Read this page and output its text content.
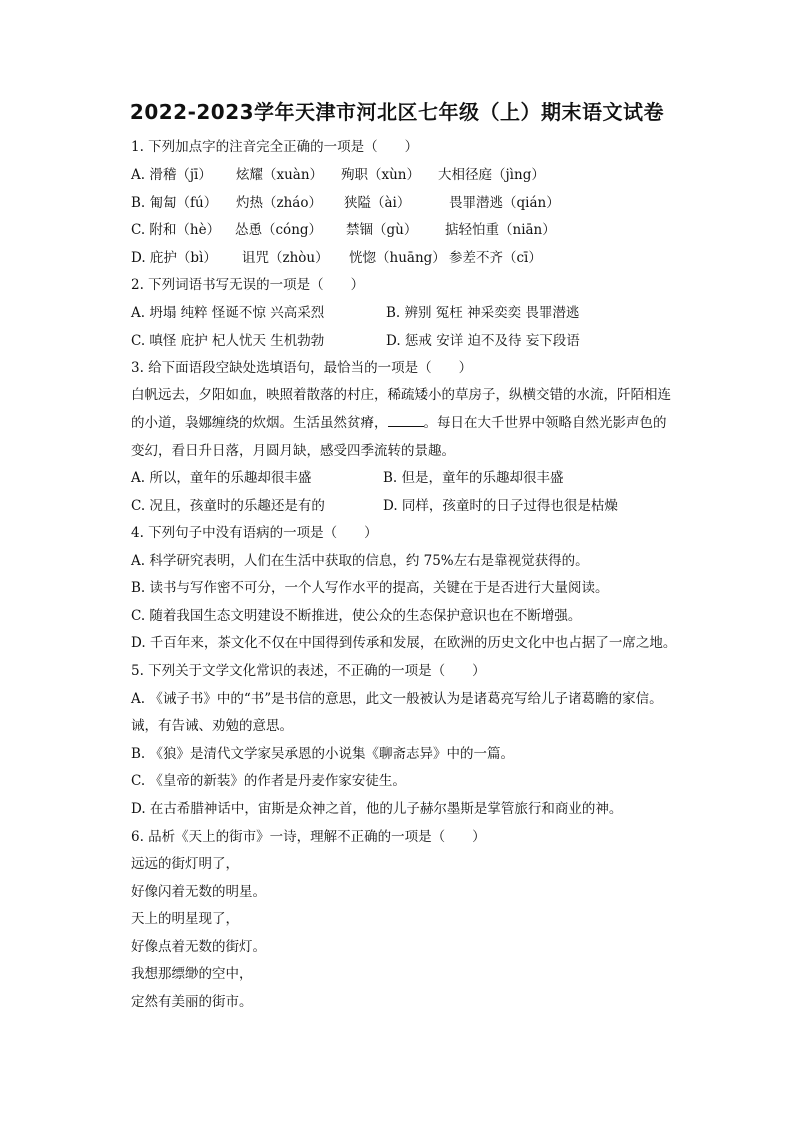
2022-2023学年天津市河北区七年级（上）期末语文试卷
1. 下列加点字的注音完全正确的一项是（　　）
A. 滑稽（jī） 炫耀（xuàn） 殉职（xùn） 大相径庭（jìng）
B. 匍匐（fú） 灼热（zháo） 狭隘（ài）	畏罪潜逃（qián）
C. 附和（hè） 怂恿（cóng） 禁锢（gù） 掂轻怕重（niān）
D. 庇护（bì） 诅咒（zhòu） 恍惚（huāng） 参差不齐（cī）
2. 下列词语书写无误的一项是（　　）
A. 坍塌 纯粹 怪诞不惊 兴高采烈	B. 辨别 冤枉 神采奕奕 畏罪潜逃
C. 嗔怪 庇护 杞人忧天 生机勃勃	D. 惩戒 安详 迫不及待 妄下段语
3. 给下面语段空缺处选填语句，最恰当的一项是（　　）
白帆远去，夕阳如血，映照着散落的村庄，稀疏矮小的草房子，纵横交错的水流，阡陌相连
的小道，袅娜缠绕的炊烟。生活虽然贫瘠，	。每日在大千世界中领略自然光影声色的
变幻，看日升日落，月圆月缺，感受四季流转的景趣。
A. 所以，童年的乐趣却很丰盛	B. 但是，童年的乐趣却很丰盛
C. 况且，孩童时的乐趣还是有的	D. 同样，孩童时的日子过得也很是枯燥
4. 下列句子中没有语病的一项是（　　）
A. 科学研究表明，人们在生活中获取的信息，约 75%左右是靠视觉获得的。
B. 读书与写作密不可分，一个人写作水平的提高，关键在于是否进行大量阅读。
C. 随着我国生态文明建设不断推进，使公众的生态保护意识也在不断增强。
D. 千百年来，茶文化不仅在中国得到传承和发展，在欧洲的历史文化中也占据了一席之地。
5. 下列关于文学文化常识的表述，不正确的一项是（　　）
A. 《诫子书》中的“书”是书信的意思，此文一般被认为是诸葛亮写给儿子诸葛瞻的家信。
诫，有告诫、劝勉的意思。
B. 《狼》是清代文学家吴承恩的小说集《聊斋志异》中的一篇。
C. 《皇帝的新装》的作者是丹麦作家安徒生。
D. 在古希腊神话中，宙斯是众神之首，他的儿子赫尔墨斯是掌管旅行和商业的神。
6. 品析《天上的街市》一诗，理解不正确的一项是（　　）
远远的街灯明了，
好像闪着无数的明星。
天上的明星现了，
好像点着无数的街灯。
我想那缥缈的空中，
定然有美丽的街市。
